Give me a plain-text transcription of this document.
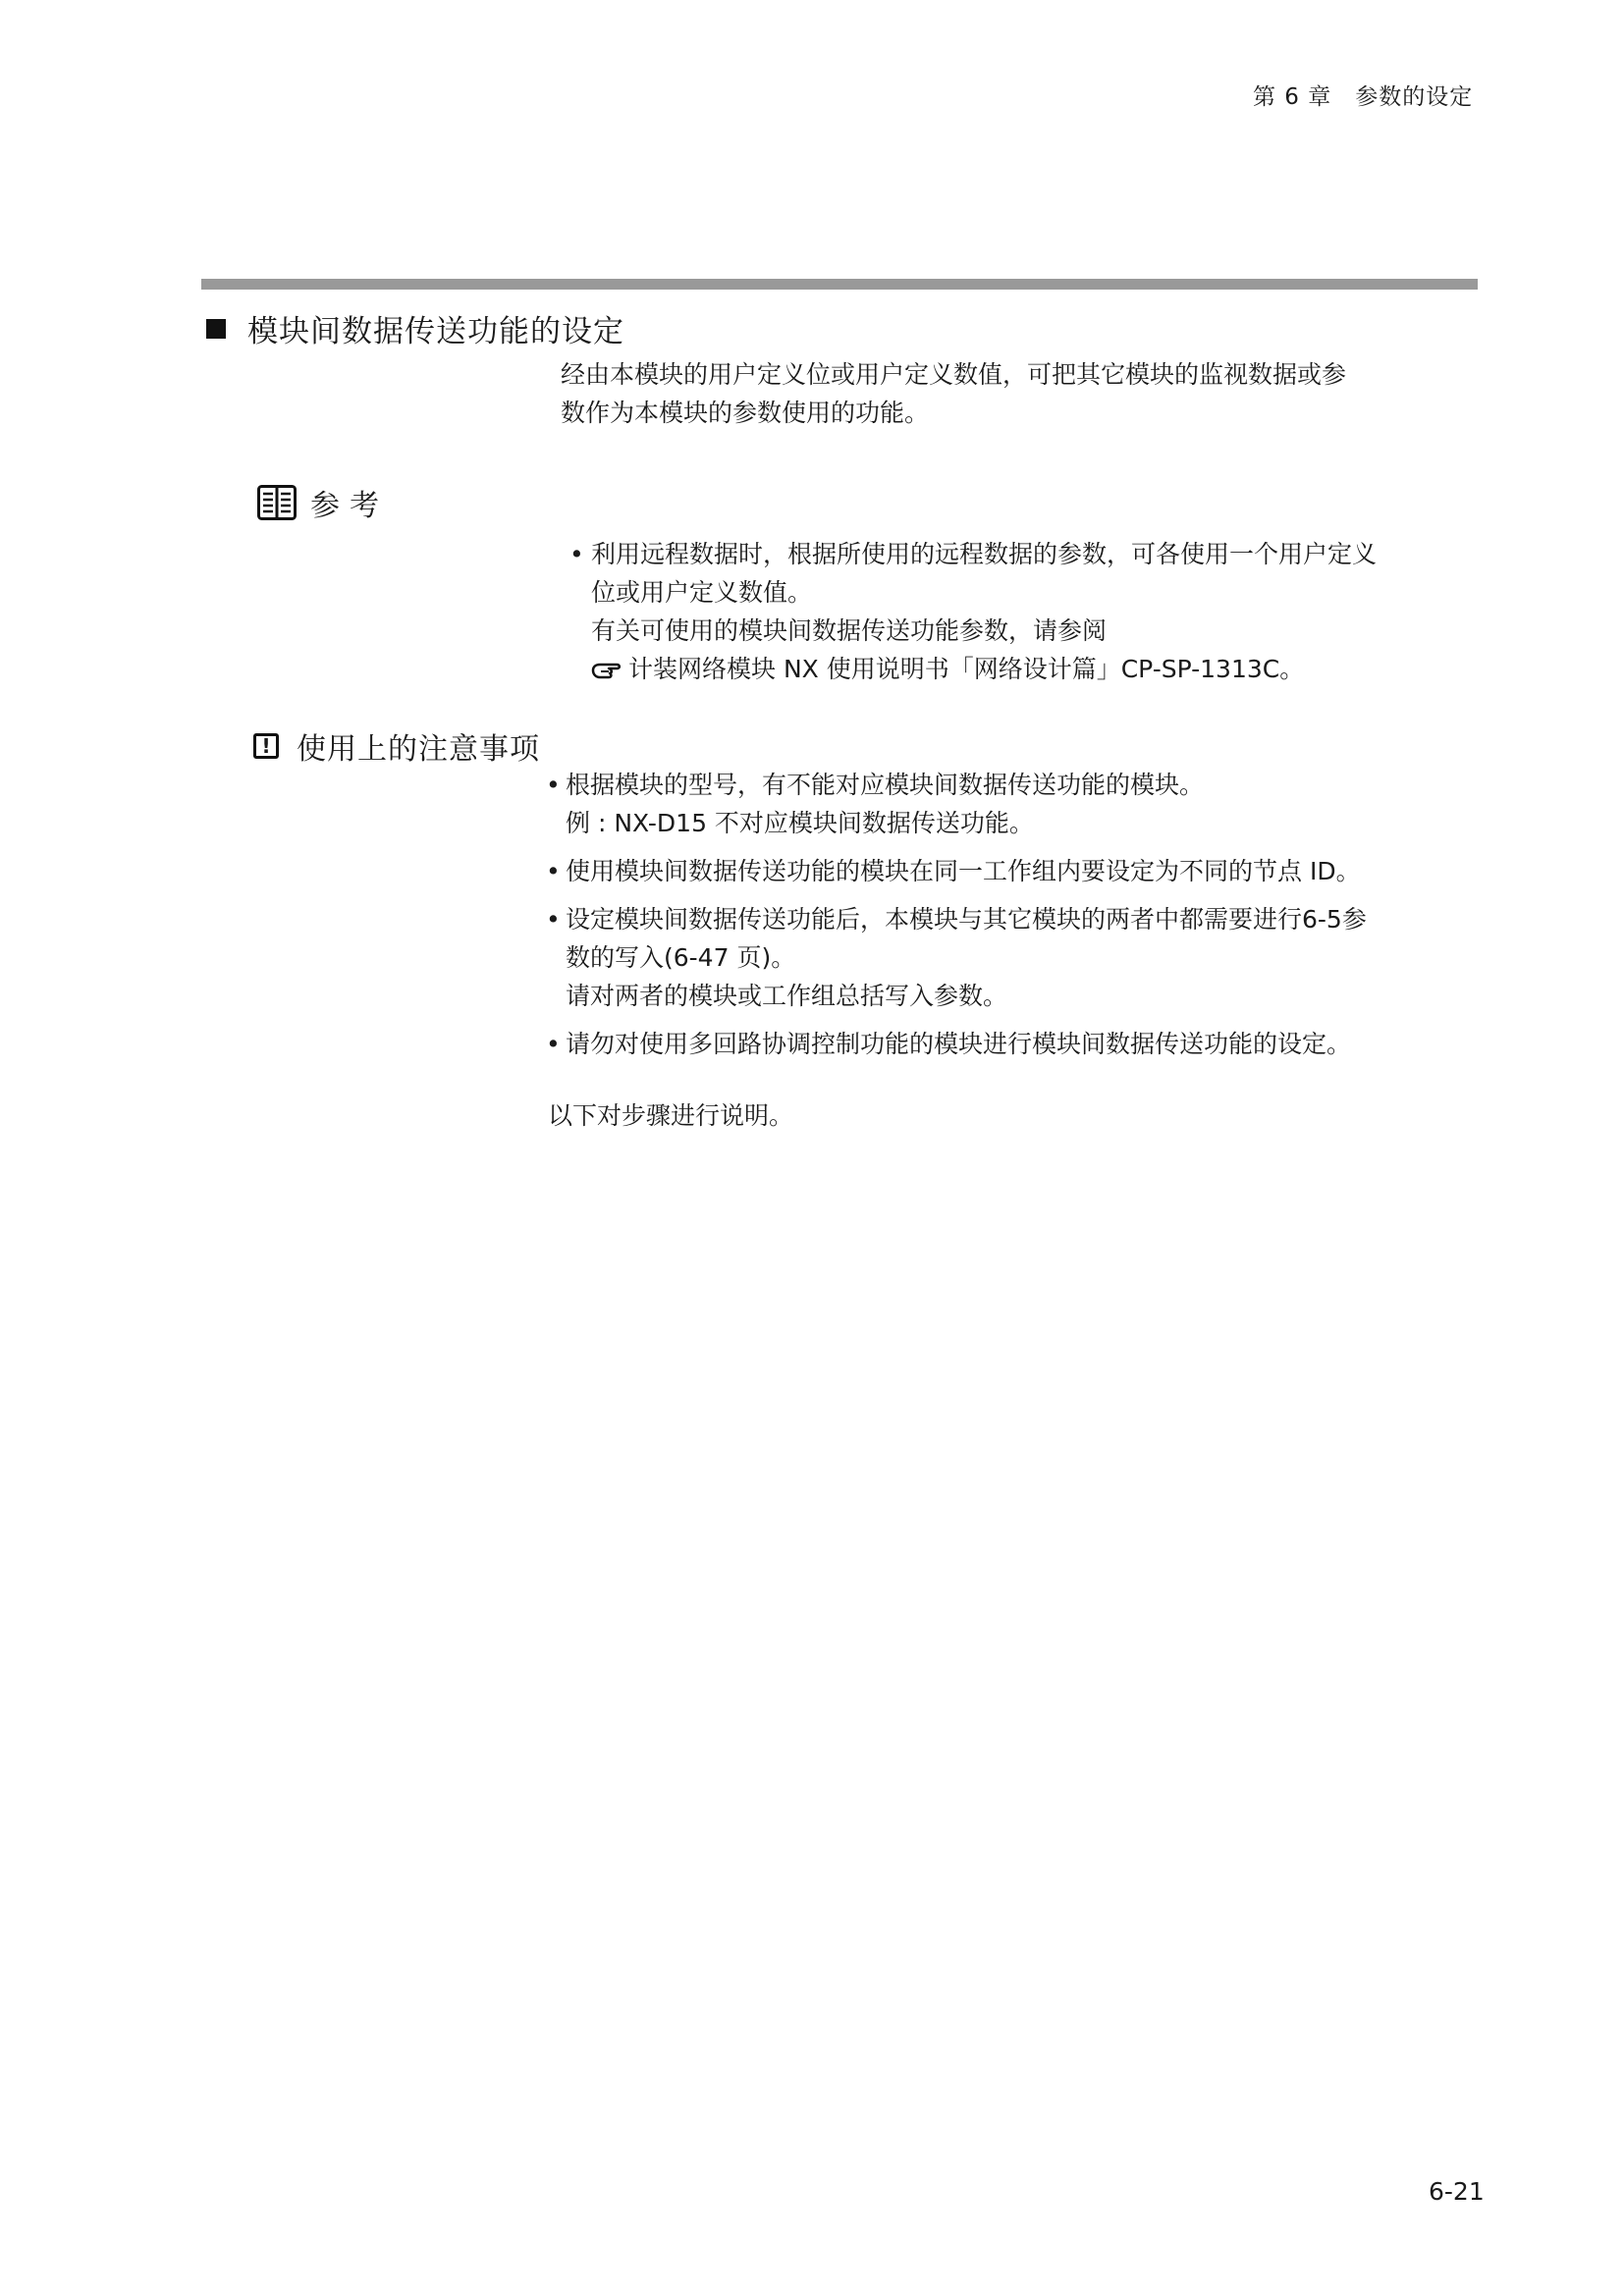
第 6 章　参数的设定
模块间数据传送功能的设定
经由本模块的用户定义位或用户定义数值，可把其它模块的监视数据或参
数作为本模块的参数使用的功能。
参考
• 利用远程数据时，根据所使用的远程数据的参数，可各使用一个用户定义
位或用户定义数值。
有关可使用的模块间数据传送功能参数，请参阅
计装网络模块 NX 使用说明书「网络设计篇」CP-SP-1313C。
! 使用上的注意事项
• 根据模块的型号，有不能对应模块间数据传送功能的模块。
例 : NX-D15 不对应模块间数据传送功能。
• 使用模块间数据传送功能的模块在同一工作组内要设定为不同的节点 ID。
• 设定模块间数据传送功能后，本模块与其它模块的两者中都需要进行6-5参
数的写入(6-47 页)。
请对两者的模块或工作组总括写入参数。
• 请勿对使用多回路协调控制功能的模块进行模块间数据传送功能的设定。
以下对步骤进行说明。
6-21
